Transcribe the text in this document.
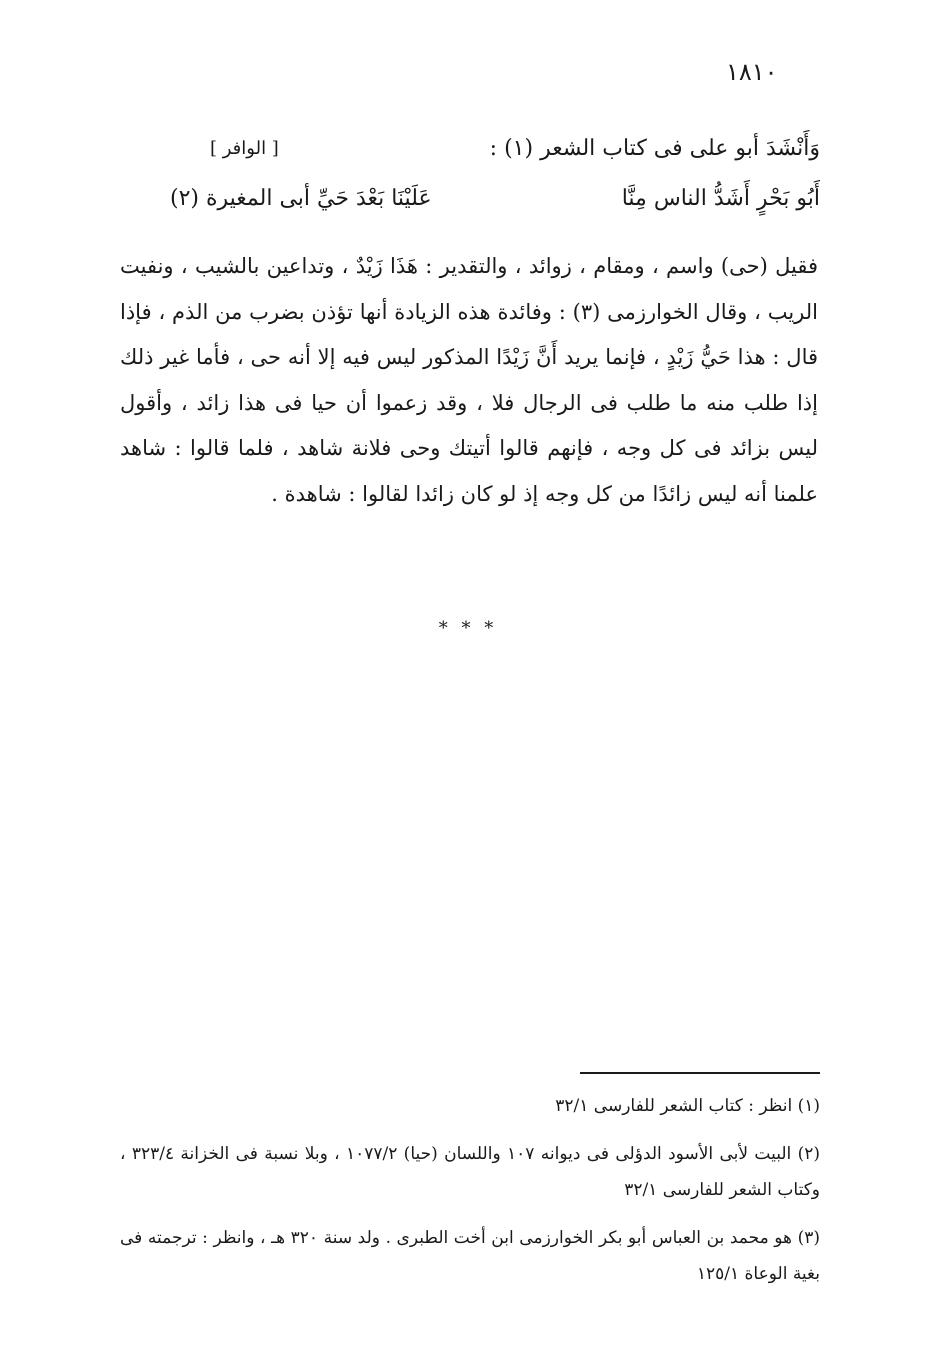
١٨١٠
وَأَنْشَدَ أبو على فى كتاب الشعر (١) :
[ الوافر ]
أَبُو بَحْرٍ أَشَدُّ الناس مِنَّا
عَلَيْنَا بَعْدَ حَيِّ أبى المغيرة (٢)

فقيل (حى) واسم ، ومقام ، زوائد ، والتقدير : هَذَا زَيْدٌ ، وتداعين بالشيب ، ونفيت الريب ، وقال الخوارزمى (٣) : وفائدة هذه الزيادة أنها تؤذن بضرب من الذم ، فإذا قال : هذا حَيُّ زَيْدٍ ، فإنما يريد أَنَّ زَيْدًا المذكور ليس فيه إلا أنه حى ، فأما غير ذلك إذا طلب منه ما طلب فى الرجال فلا ، وقد زعموا أن حيا فى هذا زائد ، وأقول ليس بزائد فى كل وجه ، فإنهم قالوا أتيتك وحى فلانة شاهد ، فلما قالوا : شاهد علمنا أنه ليس زائدًا من كل وجه إذ لو كان زائدا لقالوا : شاهدة .

* * *

(١) انظر : كتاب الشعر للفارسى ٣٢/١

(٢) البيت لأبى الأسود الدؤلى فى ديوانه ١٠٧ واللسان (حيا) ١٠٧٧/٢ ، وبلا نسبة فى الخزانة ٣٢٣/٤ ، وكتاب الشعر للفارسى ٣٢/١

(٣) هو محمد بن العباس أبو بكر الخوارزمى ابن أخت الطبرى . ولد سنة ٣٢٠ هـ ، وانظر : ترجمته فى بغية الوعاة ١٢٥/١
